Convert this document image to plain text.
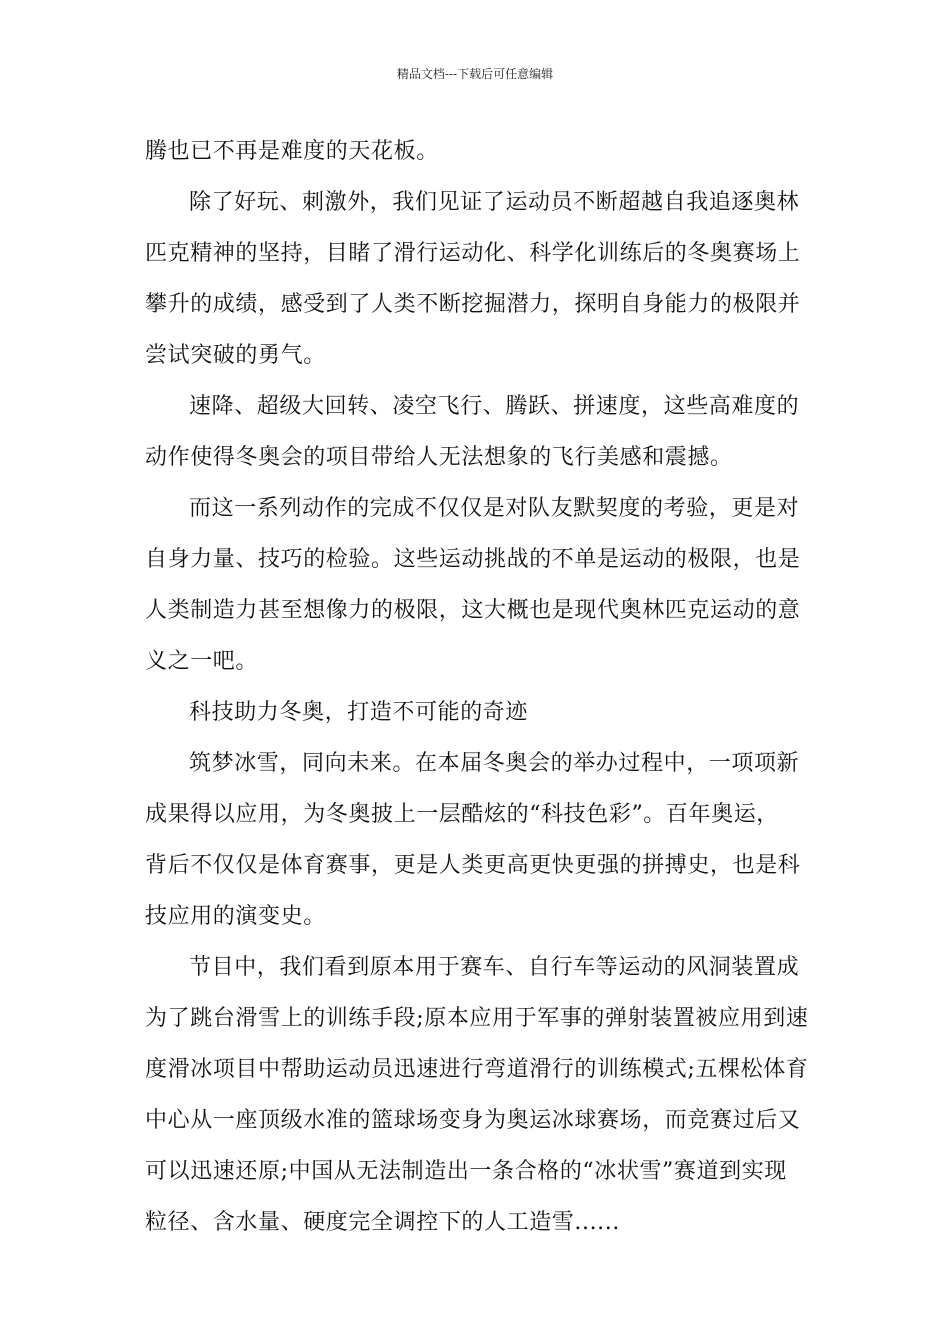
精品文档---下载后可任意编辑
腾也已不再是难度的天花板。
除了好玩、刺激外，我们见证了运动员不断超越自我追逐奥林
匹克精神的坚持，目睹了滑行运动化、科学化训练后的冬奥赛场上
攀升的成绩，感受到了人类不断挖掘潜力，探明自身能力的极限并
尝试突破的勇气。
速降、超级大回转、凌空飞行、腾跃、拼速度，这些高难度的
动作使得冬奥会的项目带给人无法想象的飞行美感和震撼。
而这一系列动作的完成不仅仅是对队友默契度的考验，更是对
自身力量、技巧的检验。这些运动挑战的不单是运动的极限，也是
人类制造力甚至想像力的极限，这大概也是现代奥林匹克运动的意
义之一吧。
科技助力冬奥，打造不可能的奇迹
筑梦冰雪，同向未来。在本届冬奥会的举办过程中，一项项新
成果得以应用，为冬奥披上一层酷炫的“科技色彩”。百年奥运，
背后不仅仅是体育赛事，更是人类更高更快更强的拼搏史，也是科
技应用的演变史。
节目中，我们看到原本用于赛车、自行车等运动的风洞装置成
为了跳台滑雪上的训练手段;原本应用于军事的弹射装置被应用到速
度滑冰项目中帮助运动员迅速进行弯道滑行的训练模式;五棵松体育
中心从一座顶级水准的篮球场变身为奥运冰球赛场，而竞赛过后又
可以迅速还原;中国从无法制造出一条合格的“冰状雪”赛道到实现
粒径、含水量、硬度完全调控下的人工造雪......
